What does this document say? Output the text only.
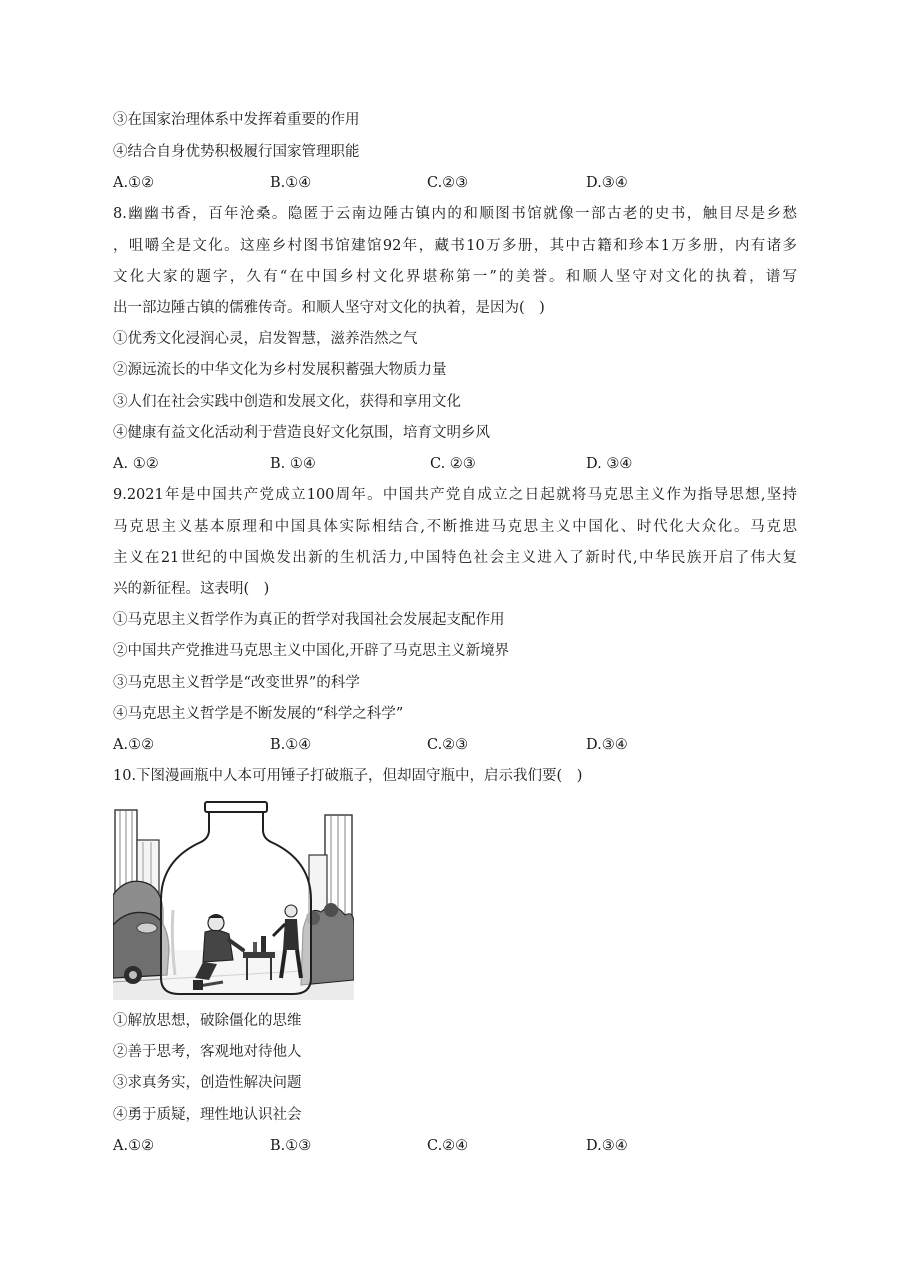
③在国家治理体系中发挥着重要的作用
④结合自身优势积极履行国家管理职能
A.①②	B.①④	C.②③	D.③④
8.幽幽书香，百年沧桑。隐匿于云南边陲古镇内的和顺图书馆就像一部古老的史书，触目尽是乡愁
，咀嚼全是文化。这座乡村图书馆建馆92年，藏书10万多册，其中古籍和珍本1万多册，内有诸多
文化大家的题字，久有“在中国乡村文化界堪称第一”的美誉。和顺人坚守对文化的执着，谱写
出一部边陲古镇的儒雅传奇。和顺人坚守对文化的执着，是因为(　)
①优秀文化浸润心灵，启发智慧，滋养浩然之气
②源远流长的中华文化为乡村发展积蓄强大物质力量
③人们在社会实践中创造和发展文化，获得和享用文化
④健康有益文化活动利于营造良好文化氛围，培育文明乡风
A. ①②	B. ①④	C. ②③	D. ③④
9.2021年是中国共产党成立100周年。中国共产党自成立之日起就将马克思主义作为指导思想,坚持
马克思主义基本原理和中国具体实际相结合,不断推进马克思主义中国化、时代化大众化。马克思
主义在21世纪的中国焕发出新的生机活力,中国特色社会主义进入了新时代,中华民族开启了伟大复
兴的新征程。这表明(　)
①马克思主义哲学作为真正的哲学对我国社会发展起支配作用
②中国共产党推进马克思主义中国化,开辟了马克思主义新境界
③马克思主义哲学是“改变世界”的科学
④马克思主义哲学是不断发展的“科学之科学”
A.①②	B.①④	C.②③	D.③④
10.下图漫画瓶中人本可用锤子打破瓶子，但却固守瓶中，启示我们要(　)
①解放思想，破除僵化的思维
②善于思考，客观地对待他人
③求真务实，创造性解决问题
④勇于质疑，理性地认识社会
A.①②	B.①③	C.②④	D.③④
